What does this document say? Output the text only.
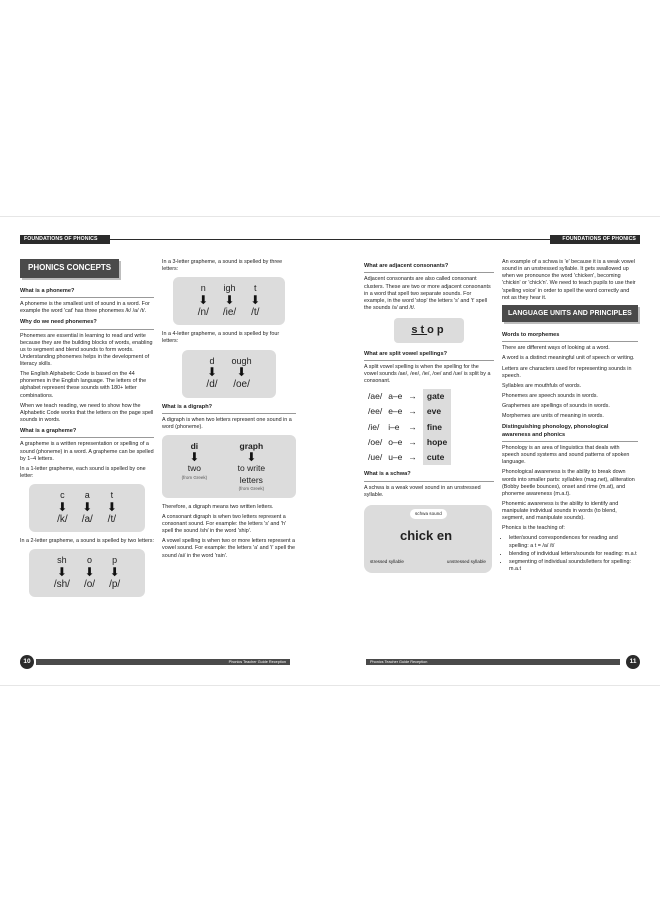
FOUNDATIONS OF PHONICS
PHONICS CONCEPTS
What is a phoneme?

A phoneme is the smallest unit of sound in a word. For example the word 'cat' has three phonemes /k/ /a/ /t/.

Why do we need phonemes?

Phonemes are essential in learning to read and write because they are the building blocks of words, enabling us to segment and blend sounds to form words. Understanding phonemes helps in the development of literacy skills.

The English Alphabetic Code is based on the 44 phonemes in the English language. The letters of the alphabet represent these sounds with 180+ letter combinations.

When we teach reading, we need to show how the Alphabetic Code works that the letters on the page spell sounds in words.

What is a grapheme?

A grapheme is a written representation or spelling of a sound (phoneme) in a word. A grapheme can be spelled by 1–4 letters.

In a 1-letter grapheme, each sound is spelled by one letter:

c
⬇
/k/
a
⬇
/a/
t
⬇
/t/

In a 2-letter grapheme, a sound is spelled by two letters:

sh
⬇
/sh/
o
⬇
/o/
p
⬇
/p/

In a 3-letter grapheme, a sound is spelled by three letters:

n
⬇
/n/
igh
⬇
/ie/
t
⬇
/t/

In a 4-letter grapheme, a sound is spelled by four letters:

d
⬇
/d/
ough
⬇
/oe/
What is a digraph?

A digraph is when two letters represent one sound in a word (phoneme).

di
⬇
two
(from Greek)
graph
⬇
to write letters
(from Greek)

Therefore, a digraph means two written letters.

A consonant digraph is when two letters represent a consonant sound. For example: the letters 's' and 'h' spell the sound /sh/ in the word 'ship'.

A vowel spelling is when two or more letters represent a vowel sound. For example: the letters 'a' and 'i' spell the sound /ai/ in the word 'rain'.

Phonics Teacher Guide Reception
10
FOUNDATIONS OF PHONICS
What are adjacent consonants?

Adjacent consonants are also called consonant clusters. These are two or more adjacent consonants in a word that spell two separate sounds. For example, in the word 'stop' the letters 's' and 't' spell the sounds /s/ and /t/.

stop
What are split vowel spellings?

A split vowel spelling is when the spelling for the vowel sounds /ae/, /ee/, /ie/, /oe/ and /ue/ is split by a consonant.

/ae/	a–e	→	gate
/ee/	e–e	→	eve
/ie/	i–e	→	fine
/oe/	o–e	→	hope
/ue/	u–e	→	cute
What is a schwa?

A schwa is a weak vowel sound in an unstressed syllable.

schwa sound
chick en
stressed syllable	unstressed syllable

An example of a schwa is 'e' because it is a weak vowel sound in an unstressed syllable. It gets swallowed up when we pronounce the word 'chicken', becoming 'chickin' or 'chick'n'. We need to teach pupils to use their 'spelling voice' in order to spell the word correctly and not as they hear it.

LANGUAGE UNITS AND PRINCIPLES
Words to morphemes

There are different ways of looking at a word.

A word is a distinct meaningful unit of speech or writing.

Letters are characters used for representing sounds in speech.

Syllables are mouthfuls of words.

Phonemes are speech sounds in words.

Graphemes are spellings of sounds in words.

Morphemes are units of meaning in words.

Distinguishing phonology, phonological awareness and phonics

Phonology is an area of linguistics that deals with speech sound systems and sound patterns of spoken language.

Phonological awareness is the ability to break down words into smaller parts: syllables (mag.net), alliteration (Bobby beetle bounces), onset and rime (m.at), and phoneme awareness (m.a.t).

Phonemic awareness is the ability to identify and manipulate individual sounds in words (to blend, segment, and manipulate sounds).

Phonics is the teaching of:

• letter/sound correspondences for reading and spelling: a t = /a/ /t/
• blending of individual letters/sounds for reading: m.a.t
• segmenting of individual sounds/letters for spelling: m.a.t
Phonics Teacher Guide Reception	11
